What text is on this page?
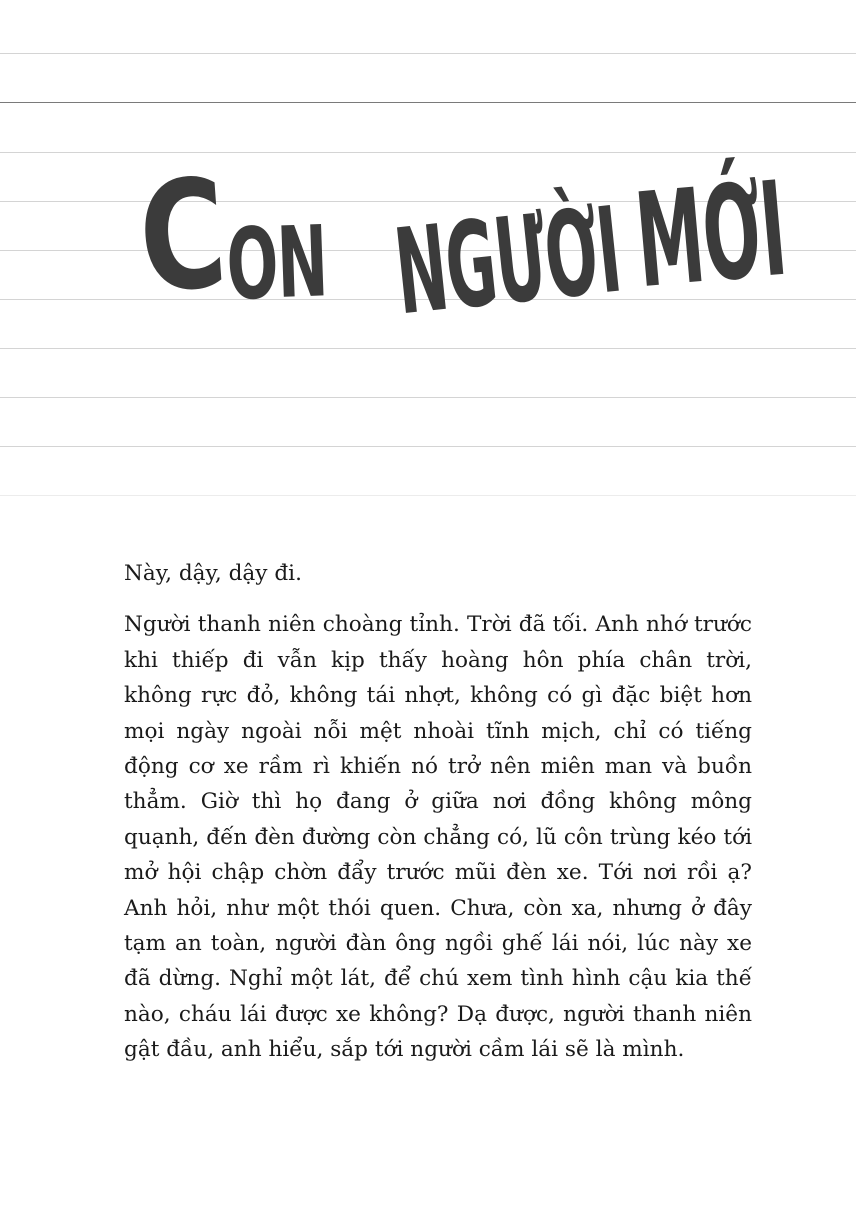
C
ON NGƯỜI MỚI

Này, dậy, dậy đi.

Người thanh niên choàng tỉnh. Trời đã tối. Anh nhớ trước khi thiếp đi vẫn kịp thấy hoàng hôn phía chân trời, không rực đỏ, không tái nhợt, không có gì đặc biệt hơn mọi ngày ngoài nỗi mệt nhoài tĩnh mịch, chỉ có tiếng động cơ xe rầm rì khiến nó trở nên miên man và buồn thẳm. Giờ thì họ đang ở giữa nơi đồng không mông quạnh, đến đèn đường còn chẳng có, lũ côn trùng kéo tới mở hội chập chờn đẩy trước mũi đèn xe. Tới nơi rồi ạ? Anh hỏi, như một thói quen. Chưa, còn xa, nhưng ở đây tạm an toàn, người đàn ông ngồi ghế lái nói, lúc này xe đã dừng. Nghỉ một lát, để chú xem tình hình cậu kia thế nào, cháu lái được xe không? Dạ được, người thanh niên gật đầu, anh hiểu, sắp tới người cầm lái sẽ là mình.
